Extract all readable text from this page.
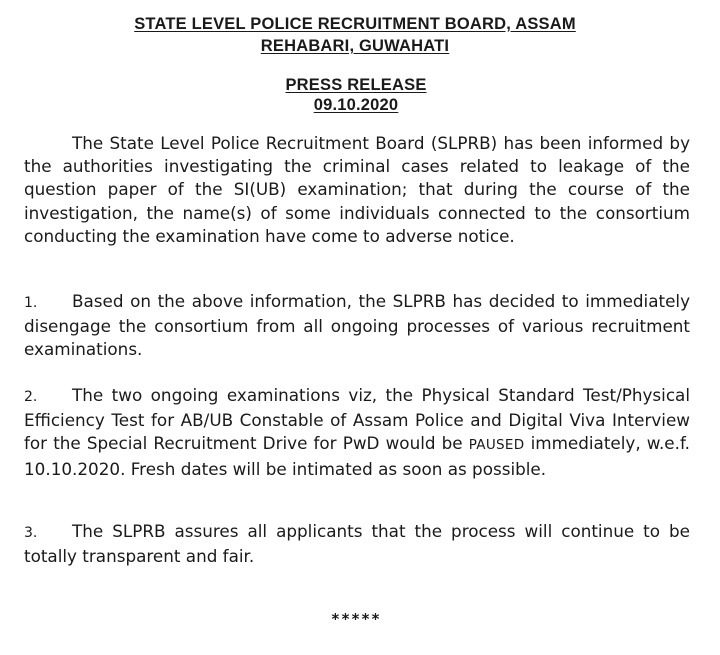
STATE LEVEL POLICE RECRUITMENT BOARD, ASSAM
REHABARI, GUWAHATI
PRESS RELEASE
09.10.2020

The State Level Police Recruitment Board (SLPRB) has been informed by the authorities investigating the criminal cases related to leakage of the question paper of the SI(UB) examination; that during the course of the investigation, the name(s) of some individuals connected to the consortium conducting the examination have come to adverse notice.

1. Based on the above information, the SLPRB has decided to immediately disengage the consortium from all ongoing processes of various recruitment examinations.

2. The two ongoing examinations viz, the Physical Standard Test/Physical Efficiency Test for AB/UB Constable of Assam Police and Digital Viva Interview for the Special Recruitment Drive for PwD would be PAUSED immediately, w.e.f. 10.10.2020. Fresh dates will be intimated as soon as possible.

3. The SLPRB assures all applicants that the process will continue to be totally transparent and fair.

*****
